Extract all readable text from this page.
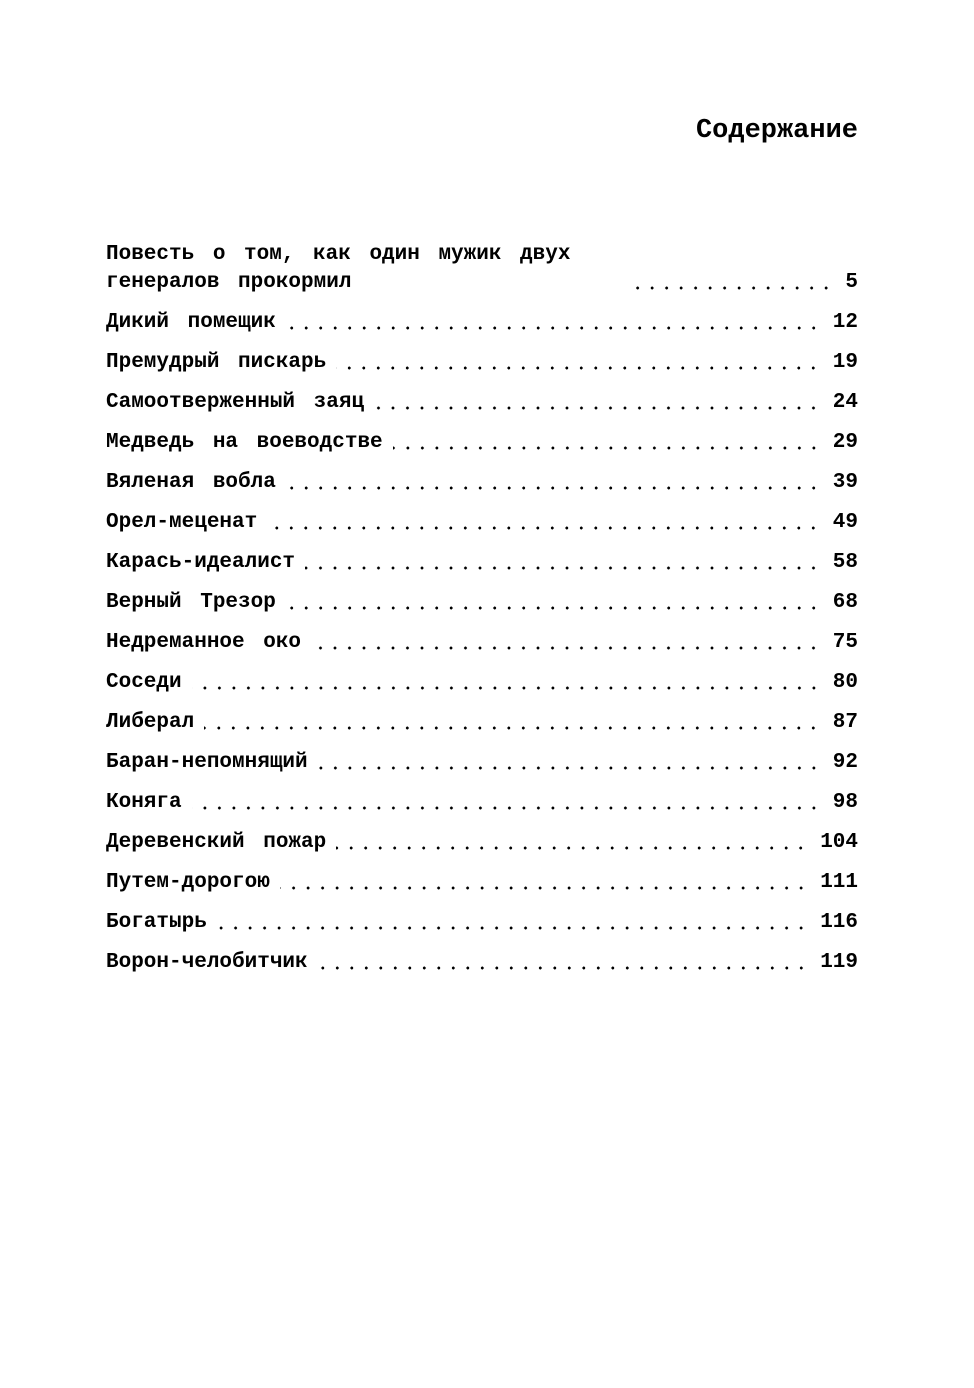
Содержание
Повесть о том, как один мужик двух генералов прокормил	5
Дикий помещик	12
Премудрый пискарь	19
Самоотверженный заяц	24
Медведь на воеводстве	29
Вяленая вобла	39
Орел-меценат	49
Карась-идеалист	58
Верный Трезор	68
Недреманное око	75
Соседи	80
Либерал	87
Баран-непомнящий	92
Коняга	98
Деревенский пожар	104
Путем-дорогою	111
Богатырь	116
Ворон-челобитчик	119
